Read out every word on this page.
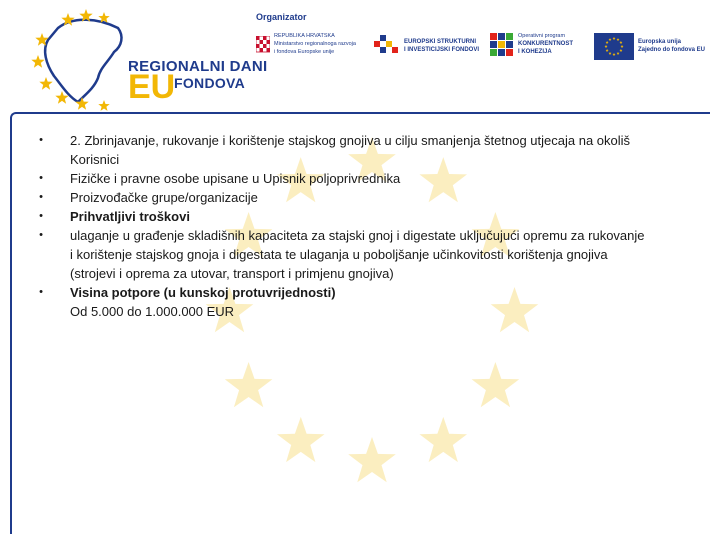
REGIONALNI DANI
EU
FONDOVA
Organizator
REPUBLIKA HRVATSKA
Ministarstvo regionalnoga razvoja
i fondova Europske unije
EUROPSKI STRUKTURNI
I INVESTICIJSKI FONDOVI
Operativni program
KONKURENTNOST
I KOHEZIJA
Europska unija
Zajedno do fondova EU
• 2. Zbrinjavanje, rukovanje i korištenje stajskog gnojiva u cilju smanjenja štetnog utjecaja na okoliš
Korisnici
• Fizičke i pravne osobe upisane u Upisnik poljoprivrednika
• Proizvođačke grupe/organizacije
• Prihvatljivi troškovi
• ulaganje u građenje skladišnih kapaciteta za stajski gnoj i digestate uključujući opremu za rukovanje
i korištenje stajskog gnoja i digestata te ulaganja u poboljšanje učinkovitosti korištenja gnojiva
(strojevi i oprema za utovar, transport i primjenu gnojiva)
• Visina potpore (u kunskoj protuvrijednosti)
Od 5.000 do 1.000.000 EUR
